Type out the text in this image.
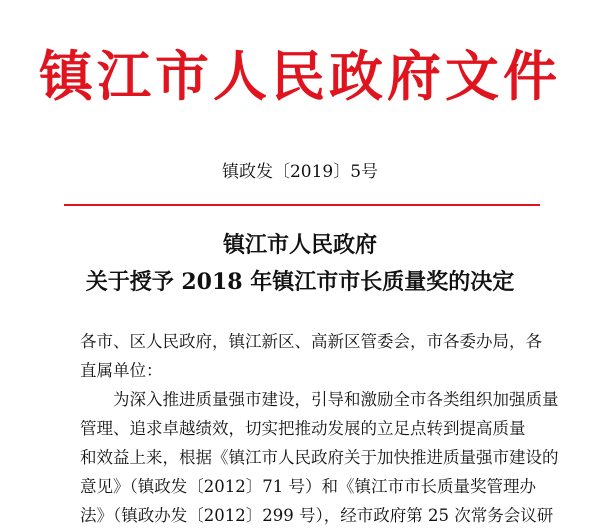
镇江市人民政府文件
镇政发〔2019〕5号
镇江市人民政府
关于授予 2018 年镇江市市长质量奖的决定
各市、区人民政府，镇江新区、高新区管委会，市各委办局，各
直属单位：
为深入推进质量强市建设，引导和激励全市各类组织加强质量
管理、追求卓越绩效，切实把推动发展的立足点转到提高质量
和效益上来，根据《镇江市人民政府关于加快推进质量强市建设的
意见》（镇政发〔2012〕71 号）和《镇江市市长质量奖管理办
法》（镇政办发〔2012〕299 号），经市政府第 25 次常务会议研
